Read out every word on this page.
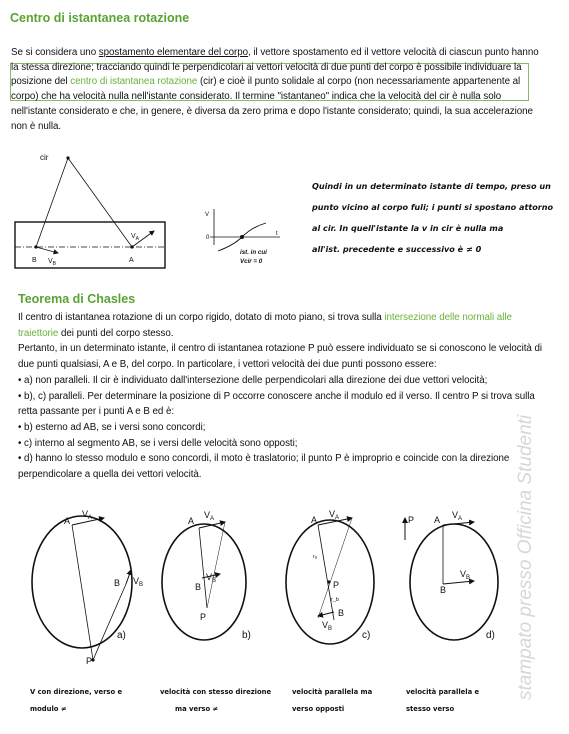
Centro di istantanea rotazione
Se si considera uno spostamento elementare del corpo, il vettore spostamento ed il vettore velocità di ciascun punto hanno
la stessa direzione; tracciando quindi le perpendicolari ai vettori velocità di due punti del corpo è possibile individuare la
posizione del centro di istantanea rotazione (cir) e cioè il punto solidale al corpo (non necessariamente appartenente al
corpo) che ha velocità nulla nell'istante considerato. Il termine "istantaneo" indica che la velocità del cir è nulla solo
nell'istante considerato e che, in genere, è diversa da zero prima e dopo l'istante considerato; quindi, la sua accelerazione
non è nulla.
cir
$V_A$
$V_B$	A
B
V
0
t
ist. in cui
Vcir = 0
Quindi in un determinato istante di tempo, preso un
punto vicino al corpo fuli; i punti si spostano attorno
al cir. In quell'istante la v in cir è nulla ma
all'ist. precedente e successivo è ≠ 0
Teorema di Chasles
Il centro di istantanea rotazione di un corpo rigido, dotato di moto piano, si trova sulla intersezione delle normali alle
traiettorie dei punti del corpo stesso.
Pertanto, in un determinato istante, il centro di istantanea rotazione P può essere individuato se si conoscono le velocità di
due punti qualsiasi, A e B, del corpo. In particolare, i vettori velocità dei due punti possono essere:
• a) non paralleli. Il cir è individuato dall'intersezione delle perpendicolari alla direzione dei due vettori velocità;
• b), c) paralleli. Per determinare la posizione di P occorre conoscere anche il modulo ed il verso. Il centro P si trova sulla
retta passante per i punti A e B ed è:
• b) esterno ad AB, se i versi sono concordi;
• c) interno al segmento AB, se i versi delle velocità sono opposti;
• d) hanno lo stesso modulo e sono concordi, il moto è traslatorio; il punto P è improprio e coincide con la direzione
perpendicolare a quella dei vettori velocità.
A
$V_A$
B $V_B$
P
a)
A
$V_A$
B
$V_B$
P
b)
A
$V_A$
rₐ
P
r_b
B
$V_B$
c)
P A $V_A$
$V_B$
B
d)
V con direzione, verso e
modulo ≠
velocità con stesso direzione
ma verso ≠
velocità parallela ma
verso opposti
velocità parallela e
stesso verso
stampato presso Officina Studenti
